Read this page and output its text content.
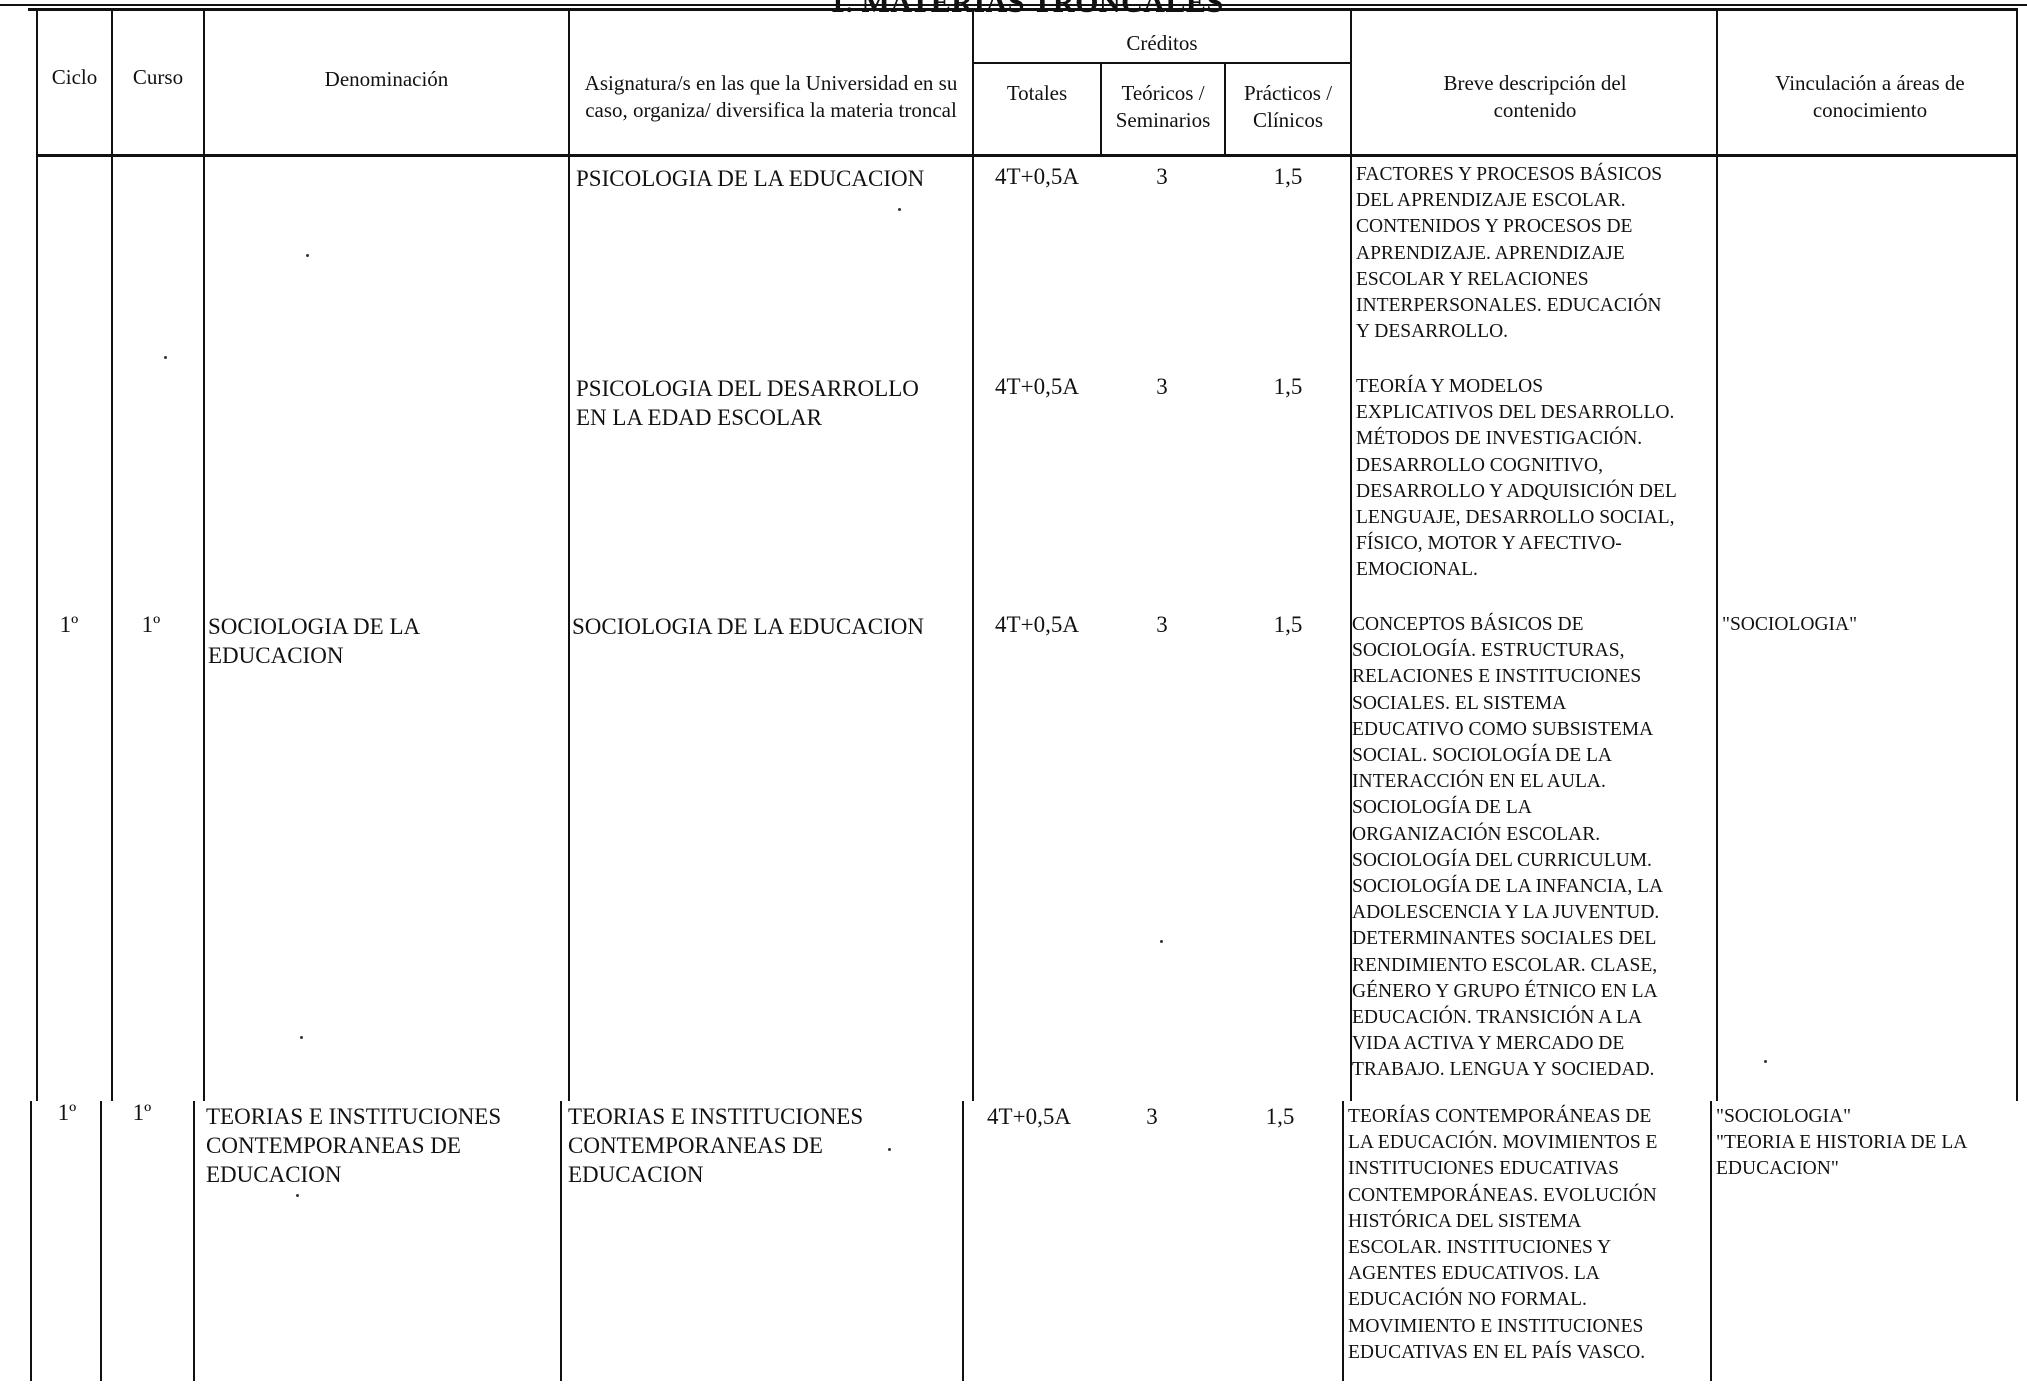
Ciclo	Curso	Denominación	Asignatura/s en las que la Universidad en su caso, organiza/ diversifica la materia troncal
Créditos
Totales	Teóricos / Seminarios
Prácticos / Clínicos
Breve descripción del contenido
Vinculación a áreas de conocimiento
PSICOLOGIA DE LA EDUCACION	4T+0,5A	3	1,5	FACTORES Y PROCESOS BÁSICOS
DEL APRENDIZAJE ESCOLAR.
CONTENIDOS Y PROCESOS DE
APRENDIZAJE. APRENDIZAJE
ESCOLAR Y RELACIONES
INTERPERSONALES. EDUCACIÓN
Y DESARROLLO.
PSICOLOGIA DEL DESARROLLO EN LA EDAD ESCOLAR
4T+0,5A	3	1,5	TEORÍA Y MODELOS
EXPLICATIVOS DEL DESARROLLO.
MÉTODOS DE INVESTIGACIÓN.
DESARROLLO COGNITIVO,
DESARROLLO Y ADQUISICIÓN DEL
LENGUAJE, DESARROLLO SOCIAL,
FÍSICO, MOTOR Y AFECTIVO-
EMOCIONAL.
1º	1º	SOCIOLOGIA DE LA EDUCACION
SOCIOLOGIA DE LA EDUCACION	4T+0,5A	3	1,5	CONCEPTOS BÁSICOS DE
SOCIOLOGÍA. ESTRUCTURAS,
RELACIONES E INSTITUCIONES
SOCIALES. EL SISTEMA
EDUCATIVO COMO SUBSISTEMA
SOCIAL. SOCIOLOGÍA DE LA
INTERACCIÓN EN EL AULA.
SOCIOLOGÍA DE LA
ORGANIZACIÓN ESCOLAR.
SOCIOLOGÍA DEL CURRICULUM.
SOCIOLOGÍA DE LA INFANCIA, LA
ADOLESCENCIA Y LA JUVENTUD.
DETERMINANTES SOCIALES DEL
RENDIMIENTO ESCOLAR. CLASE,
GÉNERO Y GRUPO ÉTNICO EN LA
EDUCACIÓN. TRANSICIÓN A LA
VIDA ACTIVA Y MERCADO DE
TRABAJO. LENGUA Y SOCIEDAD.
"SOCIOLOGIA"
1º	1º	TEORIAS E INSTITUCIONES CONTEMPORANEAS DE EDUCACION
TEORIAS E INSTITUCIONES CONTEMPORANEAS DE EDUCACION
4T+0,5A	3	1,5	TEORÍAS CONTEMPORÁNEAS DE
LA EDUCACIÓN. MOVIMIENTOS E
INSTITUCIONES EDUCATIVAS
CONTEMPORÁNEAS. EVOLUCIÓN
HISTÓRICA DEL SISTEMA
ESCOLAR. INSTITUCIONES Y
AGENTES EDUCATIVOS. LA
EDUCACIÓN NO FORMAL.
MOVIMIENTO E INSTITUCIONES
EDUCATIVAS EN EL PAÍS VASCO.
"SOCIOLOGIA"
"TEORIA E HISTORIA DE LA
EDUCACION"
